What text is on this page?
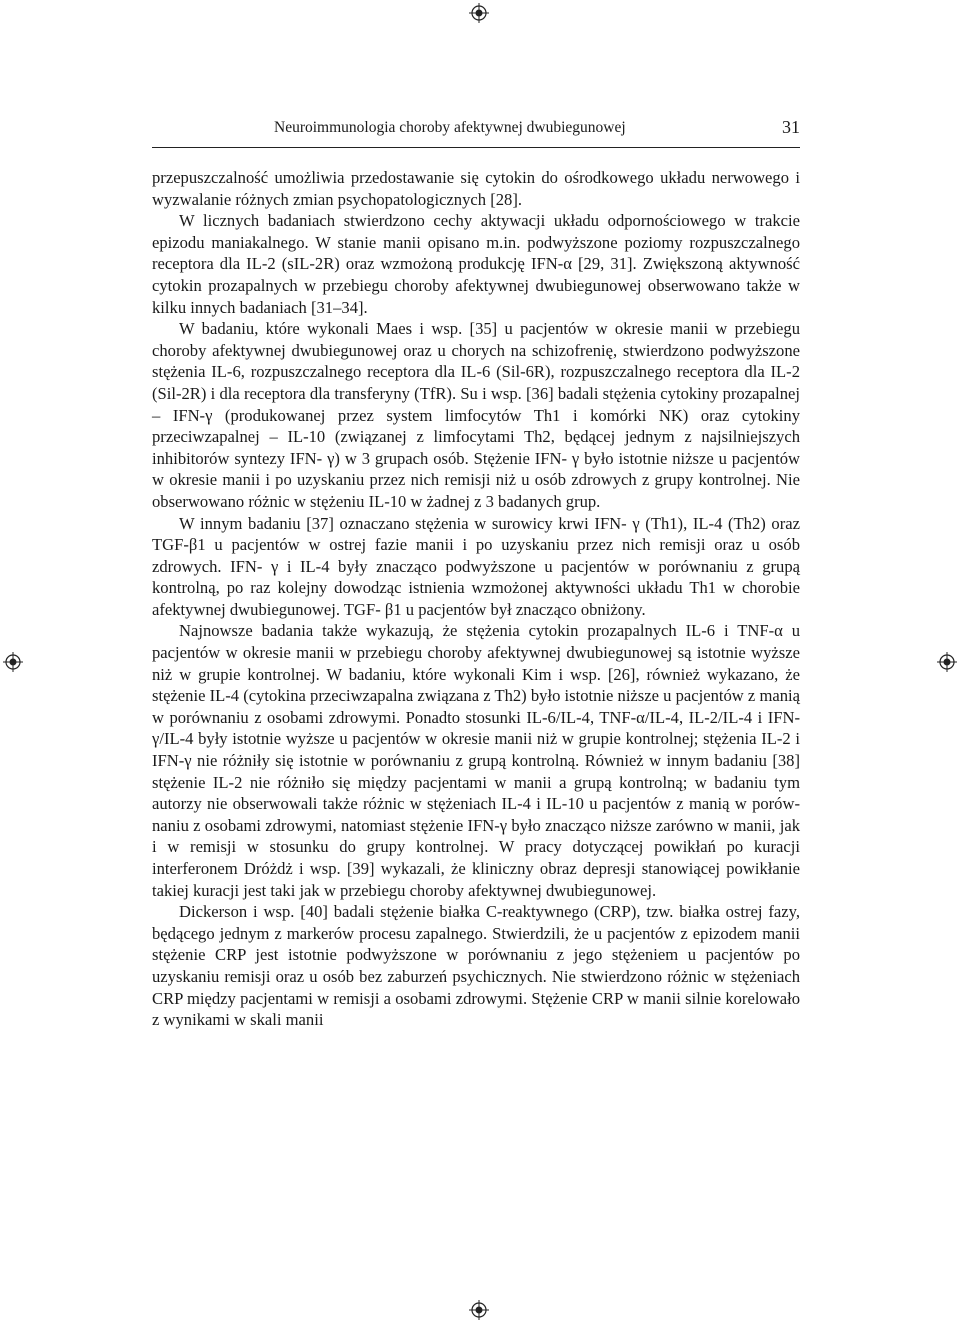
Neuroimmunologia choroby afektywnej dwubiegunowej	31

przepuszczalność umożliwia przedostawanie się cytokin do ośrodkowego układu nerwowego i wyzwalanie różnych zmian psychopatologicznych [28].

W licznych badaniach stwierdzono cechy aktywacji układu odpornościowego w trakcie epizodu maniakalnego. W stanie manii opisano m.in. podwyższone poziomy rozpuszczalnego receptora dla IL-2 (sIL-2R) oraz wzmożoną produkcję IFN-α [29, 31]. Zwiększoną aktywność cytokin prozapalnych w przebiegu choroby afektywnej dwubiegunowej obserwowano także w kilku innych badaniach [31–34].

W badaniu, które wykonali Maes i wsp. [35] u pacjentów w okresie manii w przebiegu choroby afektywnej dwubiegunowej oraz u chorych na schizofrenię, stwierdzono podwyższone stężenia IL-6, rozpuszczalnego receptora dla IL-6 (Sil-6R), rozpuszczalnego receptora dla IL-2 (Sil-2R) i dla receptora dla transferyny (TfR). Su i wsp. [36] badali stężenia cytokiny prozapalnej – IFN-γ (produkowanej przez system limfocytów Th1 i komórki NK) oraz cytokiny przeciwzapalnej – IL-10 (związanej z limfocytami Th2, będącej jednym z najsilniejszych inhibitorów syntezy IFN- γ) w 3 grupach osób. Stężenie IFN- γ było istotnie niższe u pacjentów w okresie manii i po uzyskaniu przez nich remisji niż u osób zdrowych z grupy kontrolnej. Nie obserwowano różnic w stężeniu IL-10 w żadnej z 3 badanych grup.

W innym badaniu [37] oznaczano stężenia w surowicy krwi IFN- γ (Th1), IL-4 (Th2) oraz TGF-β1 u pacjentów w ostrej fazie manii i po uzyskaniu przez nich remisji oraz u osób zdrowych. IFN- γ i IL-4 były znacząco podwyższone u pacjentów w porównaniu z grupą kontrolną, po raz kolejny dowodząc istnienia wzmożonej aktywności układu Th1 w chorobie afektywnej dwubiegunowej. TGF- β1 u pacjentów był znacząco obniżony.

Najnowsze badania także wykazują, że stężenia cytokin prozapalnych IL-6 i TNF-α u pacjentów w okresie manii w przebiegu choroby afektywnej dwubiegunowej są istotnie wyższe niż w grupie kontrolnej. W badaniu, które wykonali Kim i wsp. [26], również wykazano, że stężenie IL-4 (cytokina przeciwzapalna związana z Th2) było istotnie niższe u pacjentów z manią w porównaniu z osobami zdrowymi. Ponadto stosunki IL-6/IL-4, TNF-α/IL-4, IL-2/IL-4 i IFN-γ/IL-4 były istotnie wyższe u pacjentów w okresie manii niż w grupie kontrolnej; stężenia IL-2 i IFN-γ nie różniły się istotnie w porównaniu z grupą kontrolną. Również w innym badaniu [38] stężenie IL-2 nie różniło się między pacjentami w manii a grupą kontrolną; w badaniu tym autorzy nie obserwowali także różnic w stężeniach IL-4 i IL-10 u pacjentów z manią w porównaniu z osobami zdrowymi, natomiast stężenie IFN-γ było znacząco niższe zarówno w manii, jak i w remisji w stosunku do grupy kontrolnej. W pracy dotyczącej powikłań po kuracji interferonem Dróżdż i wsp. [39] wykazali, że kliniczny obraz depresji stanowiącej powikłanie takiej kuracji jest taki jak w przebiegu choroby afektywnej dwubiegunowej.

Dickerson i wsp. [40] badali stężenie białka C-reaktywnego (CRP), tzw. białka ostrej fazy, będącego jednym z markerów procesu zapalnego. Stwierdzili, że u pacjentów z epizodem manii stężenie CRP jest istotnie podwyższone w porównaniu z jego stężeniem u pacjentów po uzyskaniu remisji oraz u osób bez zaburzeń psychicznych. Nie stwierdzono różnic w stężeniach CRP między pacjentami w remisji a osobami zdrowymi. Stężenie CRP w manii silnie korelowało z wynikami w skali manii
